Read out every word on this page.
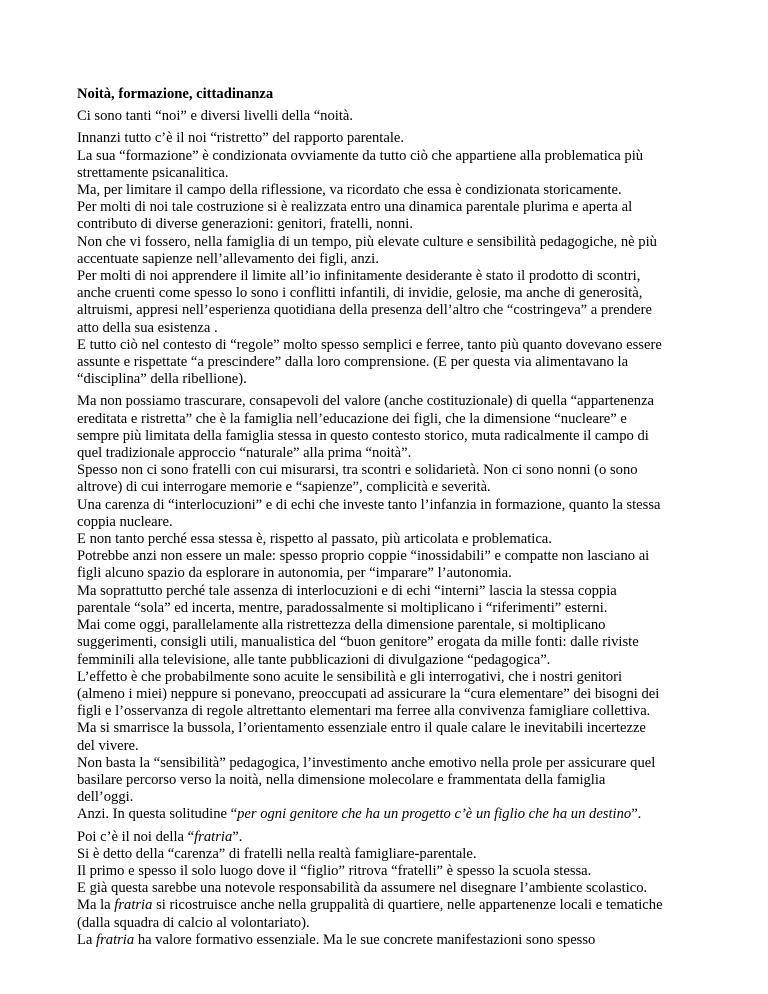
Noità, formazione, cittadinanza
Ci sono tanti “noi” e diversi livelli della “noità.
Innanzi tutto c’è il noi “ristretto” del rapporto parentale.
La sua “formazione” è condizionata ovviamente da tutto ciò che appartiene alla problematica più
strettamente psicanalitica.
Ma, per limitare il campo della riflessione, va ricordato che essa è condizionata storicamente.
Per molti di noi tale costruzione si è realizzata entro una dinamica parentale plurima e aperta al
contributo di diverse generazioni: genitori, fratelli, nonni.
Non che vi fossero, nella famiglia di un tempo, più elevate culture e sensibilità pedagogiche, nè più
accentuate sapienze nell’allevamento dei figli, anzi.
Per molti di noi apprendere il limite all’io infinitamente desiderante è stato il prodotto di scontri,
anche cruenti come spesso lo sono i conflitti infantili, di invidie, gelosie, ma anche di generosità,
altruismi, appresi nell’esperienza quotidiana della presenza dell’altro che “costringeva” a prendere
atto della sua esistenza .
E tutto ciò nel contesto di “regole” molto spesso semplici e ferree, tanto più quanto dovevano essere
assunte e rispettate “a prescindere” dalla loro comprensione. (E per questa via alimentavano la
“disciplina” della ribellione).
Ma non possiamo trascurare, consapevoli del valore (anche costituzionale) di quella “appartenenza
ereditata e ristretta” che è la famiglia nell’educazione dei figli, che la dimensione “nucleare” e
sempre più limitata della famiglia stessa in questo contesto storico, muta radicalmente il campo di
quel tradizionale approccio “naturale” alla prima “noità”.
Spesso non ci sono fratelli con cui misurarsi, tra scontri e solidarietà. Non ci sono nonni (o sono
altrove) di cui interrogare memorie e “sapienze”, complicità e severità.
Una carenza di “interlocuzioni” e di echi che investe tanto l’infanzia in formazione, quanto la stessa
coppia nucleare.
E non tanto perché essa stessa è, rispetto al passato, più articolata e problematica.
Potrebbe anzi non essere un male: spesso proprio coppie “inossidabili” e compatte non lasciano ai
figli alcuno spazio da esplorare in autonomia, per “imparare” l’autonomia.
Ma soprattutto perché tale assenza di interlocuzioni e di echi “interni” lascia la stessa coppia
parentale “sola” ed incerta, mentre, paradossalmente si moltiplicano i “riferimenti” esterni.
Mai come oggi, parallelamente alla ristrettezza della dimensione parentale, si moltiplicano
suggerimenti, consigli utili, manualistica del “buon genitore” erogata da mille fonti: dalle riviste
femminili alla televisione, alle tante pubblicazioni di divulgazione “pedagogica”.
L’effetto è che probabilmente sono acuite le sensibilità e gli interrogativi, che i nostri genitori
(almeno i miei) neppure si ponevano, preoccupati ad assicurare la “cura elementare” dei bisogni dei
figli e l’osservanza di regole altrettanto elementari ma ferree alla convivenza famigliare collettiva.
Ma si smarrisce la bussola, l’orientamento essenziale entro il quale calare le inevitabili incertezze
del vivere.
Non basta la “sensibilità” pedagogica, l’investimento anche emotivo nella prole per assicurare quel
basilare percorso verso la noità, nella dimensione molecolare e frammentata della famiglia
dell’oggi.
Anzi. In questa solitudine “per ogni genitore che ha un progetto c’è un figlio che ha un destino”.
Poi c’è il noi della “fratria”.
Si è detto della “carenza” di fratelli nella realtà famigliare-parentale.
Il primo e spesso il solo luogo dove il “figlio” ritrova “fratelli” è spesso la scuola stessa.
E già questa sarebbe una notevole responsabilità da assumere nel disegnare l’ambiente scolastico.
Ma la fratria si ricostruisce anche nella gruppalità di quartiere, nelle appartenenze locali e tematiche
(dalla squadra di calcio al volontariato).
La fratria ha valore formativo essenziale. Ma le sue concrete manifestazioni sono spesso
